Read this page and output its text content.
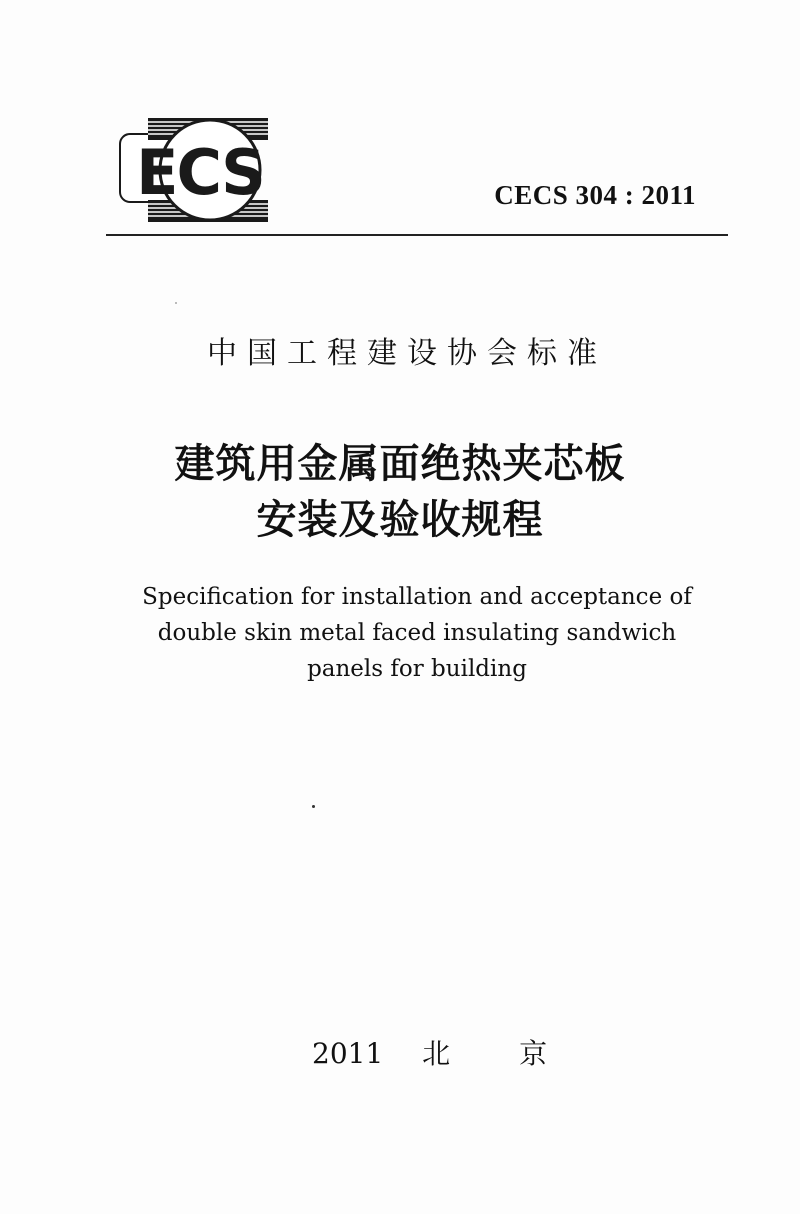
ECS	CECS 304 : 2011
中国工程建设协会标准
建筑用金属面绝热夹芯板
安装及验收规程
Specification for installation and acceptance of
double skin metal faced insulating sandwich
panels for building
2011 北 京
